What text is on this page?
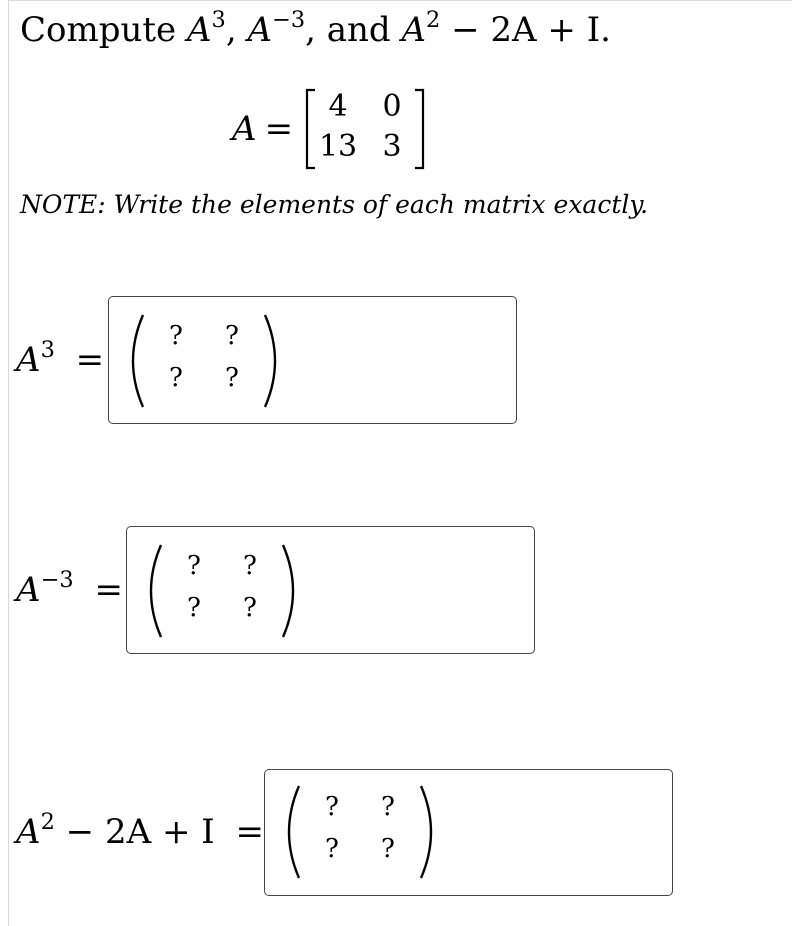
Compute $A^3$, $A^{-3}$, and $A^2 - 2A + I$.
A =
4	0
13 3
NOTE: Write the elements of each matrix exactly.
$A^3$ =
?	?
?	?
$A^{-3}$ =
?	?
?	?
$A^2 - 2A + I$ =
?	?
?	?
